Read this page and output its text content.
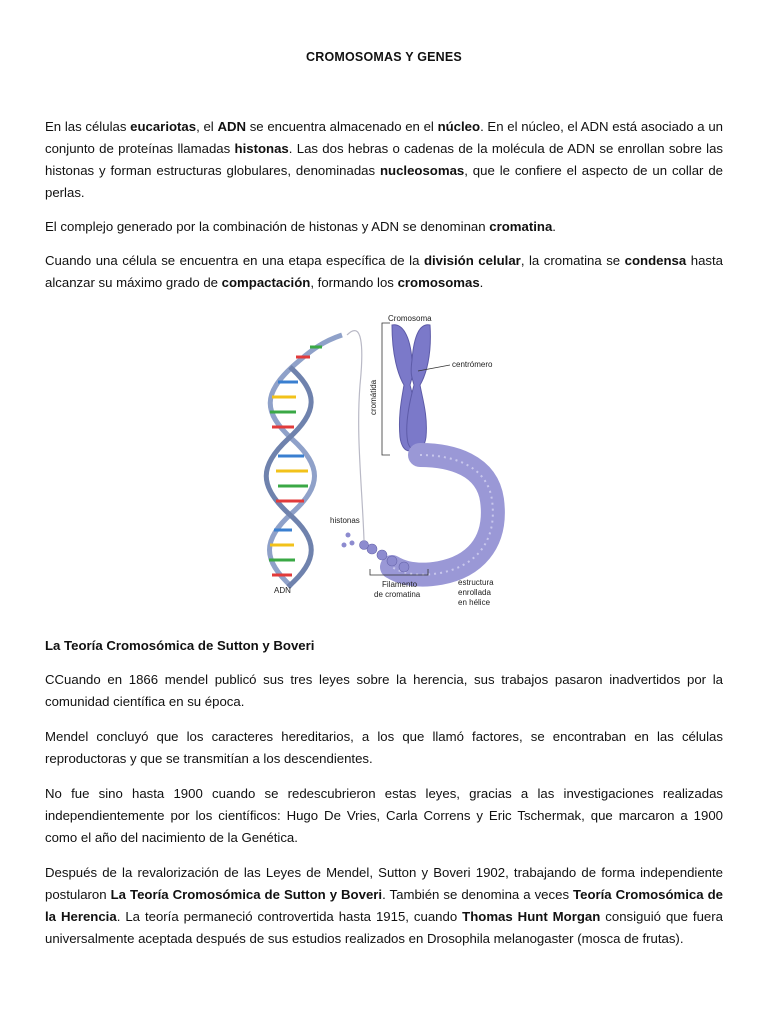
CROMOSOMAS Y GENES

En las células eucariotas, el ADN se encuentra almacenado en el núcleo. En el núcleo, el ADN está asociado a un conjunto de proteínas llamadas histonas. Las dos hebras o cadenas de la molécula de ADN se enrollan sobre las histonas y forman estructuras globulares, denominadas nucleosomas, que le confiere el aspecto de un collar de perlas.

El complejo generado por la combinación de histonas y ADN se denominan cromatina.

Cuando una célula se encuentra en una etapa específica de la división celular, la cromatina se condensa hasta alcanzar su máximo grado de compactación, formando los cromosomas.

Cromosoma
centrómero
cromátida
histonas
ADN
Filamento
de cromatina
estructura
enrollada
en hélice
La Teoría Cromosómica de Sutton y Boveri

CCuando en 1866 mendel publicó sus tres leyes sobre la herencia, sus trabajos pasaron inadvertidos por la comunidad científica en su época.

Mendel concluyó que los caracteres hereditarios, a los que llamó factores, se encontraban en las células reproductoras y que se transmitían a los descendientes.

No fue sino hasta 1900 cuando se redescubrieron estas leyes, gracias a las investigaciones realizadas independientemente por los científicos: Hugo De Vries, Carla Correns y Eric Tschermak, que marcaron a 1900 como el año del nacimiento de la Genética.

Después de la revalorización de las Leyes de Mendel, Sutton y Boveri 1902, trabajando de forma independiente postularon La Teoría Cromosómica de Sutton y Boveri. También se denomina a veces Teoría Cromosómica de la Herencia. La teoría permaneció controvertida hasta 1915, cuando Thomas Hunt Morgan consiguió que fuera universalmente aceptada después de sus estudios realizados en Drosophila melanogaster (mosca de frutas).
